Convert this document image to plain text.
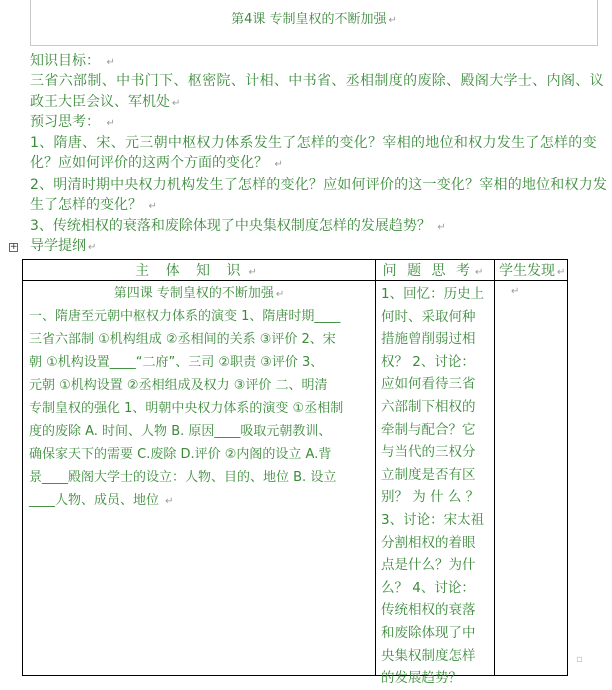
第4课 专制皇权的不断加强 ↵
知识目标： ↵
三省六部制、中书门下、枢密院、计相、中书省、丞相制度的废除、殿阁大学士、内阁、议
政王大臣会议、军机处 ↵
预习思考： ↵
1、隋唐、宋、元三朝中枢权力体系发生了怎样的变化？宰相的地位和权力发生了怎样的变
化？应如何评价的这两个方面的变化？ ↵
2、明清时期中央权力机构发生了怎样的变化？应如何评价的这一变化？宰相的地位和权力发
生了怎样的变化？ ↵
3、传统相权的衰落和废除体现了中央集权制度怎样的发展趋势？ ↵
+ 导学提纲 ↵
主 体 知 识 ↵	问 题 思 考 ↵ 学生发现 ↵
第四课 专制皇权的不断加强 ↵
一、隋唐至元朝中枢权力体系的演变 1、隋唐时期____
三省六部制 ①机构组成 ②丞相间的关系 ③评价 2、宋
朝 ①机构设置____“二府”、三司 ②职责 ③评价 3、
元朝 ①机构设置 ②丞相组成及权力 ③评价 二、明清
专制皇权的强化 1、明朝中央权力体系的演变 ①丞相制
度的废除 A. 时间、人物 B. 原因____吸取元朝教训、
确保家天下的需要 C.废除 D.评价 ②内阁的设立 A.背
景____殿阁大学士的设立：人物、目的、地位 B. 设立
____人物、成员、地位 ↵
1、回忆：历史上
何时、采取何种
措施曾削弱过相
权？ 2、讨论：
应如何看待三省
六部制下相权的
牵制与配合？它
与当代的三权分
立制度是否有区
别？ 为 什 么 ？
3、讨论：宋太祖
分割相权的着眼
点是什么？为什
么？ 4、讨论：
传统相权的衰落
和废除体现了中
央集权制度怎样
的发展趋势？
↵
▫
